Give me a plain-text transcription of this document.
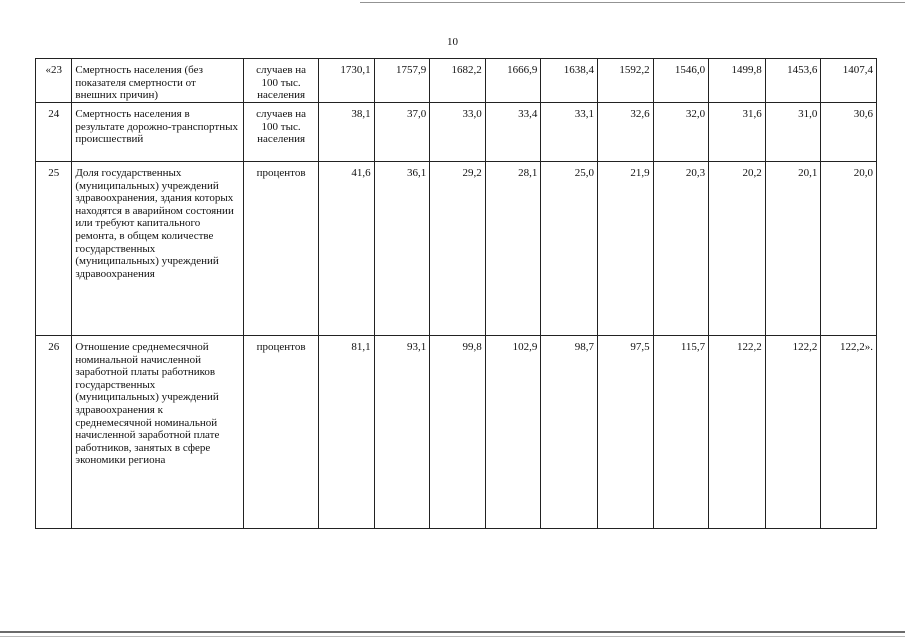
10
«23	Смертность населения (без показателя смертности от внешних причин)	случаев на 100 тыс. населения	1730,1	1757,9	1682,2	1666,9	1638,4	1592,2	1546,0	1499,8	1453,6	1407,4
24	Смертность населения в результате дорожно-транспортных происшествий	случаев на 100 тыс. населения	38,1	37,0	33,0	33,4	33,1	32,6	32,0	31,6	31,0	30,6
25	Доля государственных (муниципальных) учреждений здравоохранения, здания которых находятся в аварийном состоянии или требуют капитального ремонта, в общем количестве государственных (муниципальных) учреждений здравоохранения	процентов	41,6	36,1	29,2	28,1	25,0	21,9	20,3	20,2	20,1	20,0
26	Отношение среднемесячной номинальной начисленной заработной платы работников государственных (муниципальных) учреждений здравоохранения к среднемесячной номинальной начисленной заработной плате работников, занятых в сфере экономики региона	процентов	81,1	93,1	99,8	102,9	98,7	97,5	115,7	122,2	122,2	122,2».
